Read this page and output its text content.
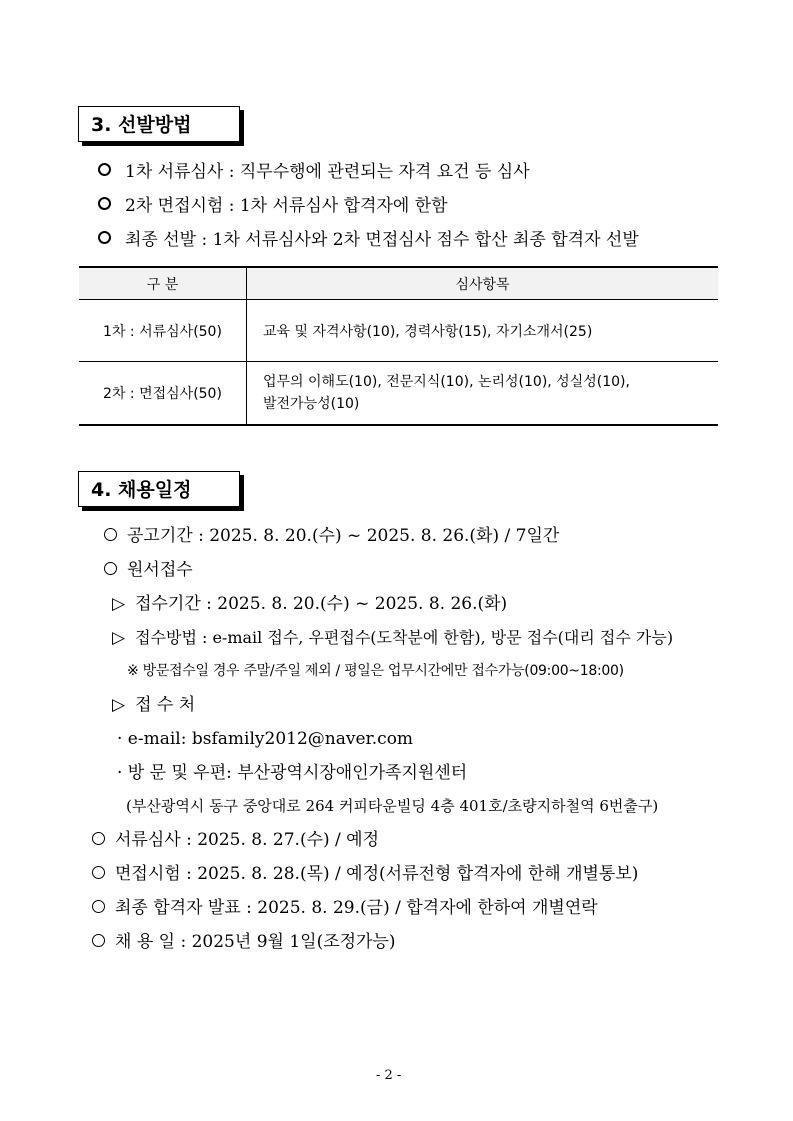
3. 선발방법
1차 서류심사 : 직무수행에 관련되는 자격 요건 등 심사
2차 면접시험 : 1차 서류심사 합격자에 한함
최종 선발 : 1차 서류심사와 2차 면접심사 점수 합산 최종 합격자 선발
구 분	심사항목
1차 : 서류심사(50)	교육 및 자격사항(10), 경력사항(15), 자기소개서(25)
2차 : 면접심사(50)	업무의 이해도(10), 전문지식(10), 논리성(10), 성실성(10),
발전가능성(10)
4. 채용일정
공고기간 : 2025. 8. 20.(수) ~ 2025. 8. 26.(화) / 7일간
원서접수
▷ 접수기간 : 2025. 8. 20.(수) ~ 2025. 8. 26.(화)
▷ 접수방법 : e-mail 접수, 우편접수(도착분에 한함), 방문 접수(대리 접수 가능)
※ 방문접수일 경우 주말/주일 제외 / 평일은 업무시간에만 접수가능(09:00~18:00)
▷ 접 수 처
· e-mail: bsfamily2012@naver.com
· 방 문 및 우편: 부산광역시장애인가족지원센터
(부산광역시 동구 중앙대로 264 커피타운빌딩 4층 401호/초량지하철역 6번출구)
서류심사 : 2025. 8. 27.(수) / 예정
면접시험 : 2025. 8. 28.(목) / 예정(서류전형 합격자에 한해 개별통보)
최종 합격자 발표 : 2025. 8. 29.(금) / 합격자에 한하여 개별연락
채 용 일 : 2025년 9월 1일(조정가능)
- 2 -
